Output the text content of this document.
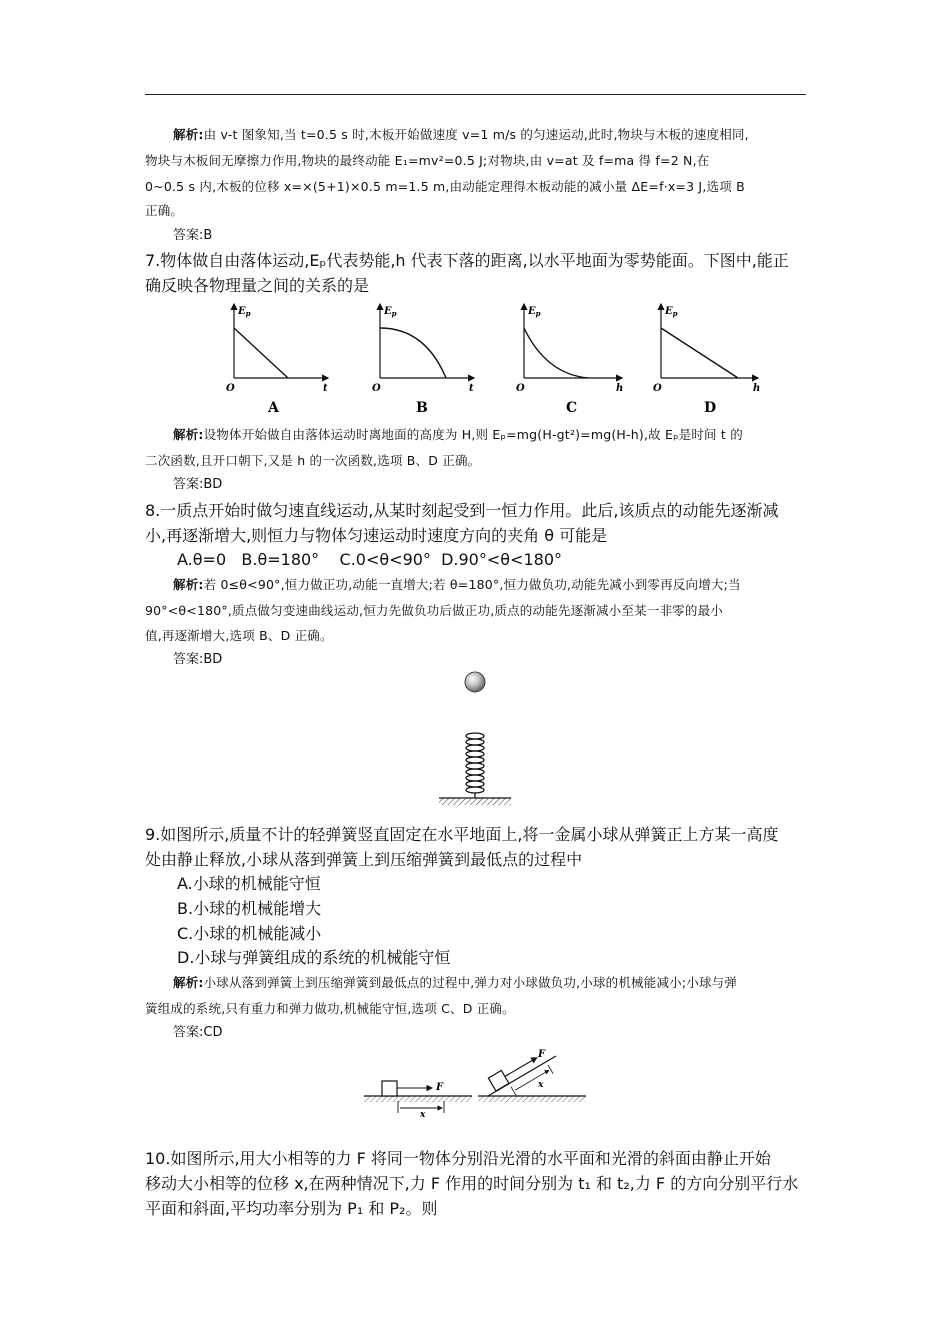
解析:由 v-t 图象知,当 t=0.5 s 时,木板开始做速度 v=1 m/s 的匀速运动,此时,物块与木板的速度相同,
物块与木板间无摩擦力作用,物块的最终动能 E₁=mv²=0.5 J;对物块,由 v=at 及 f=ma 得 f=2 N,在
0~0.5 s 内,木板的位移 x=×(5+1)×0.5 m=1.5 m,由动能定理得木板动能的减小量 ΔE=f·x=3 J,选项 B
正确。
答案:B
7.物体做自由落体运动,Eₚ代表势能,h 代表下落的距离,以水平地面为零势能面。下图中,能正
确反映各物理量之间的关系的是
$E_p$
O	t
A
$E_p$
O	t
B
$E_p$
O	h
C
$E_p$
O	h
D
解析:设物体开始做自由落体运动时离地面的高度为 H,则 Eₚ=mg(H-gt²)=mg(H-h),故 Eₚ是时间 t 的
二次函数,且开口朝下,又是 h 的一次函数,选项 B、D 正确。
答案:BD
8.一质点开始时做匀速直线运动,从某时刻起受到一恒力作用。此后,该质点的动能先逐渐减
小,再逐渐增大,则恒力与物体匀速运动时速度方向的夹角 θ 可能是
A.θ=0   B.θ=180°    C.0<θ<90°  D.90°<θ<180°
解析:若 0≤θ<90°,恒力做正功,动能一直增大;若 θ=180°,恒力做负功,动能先减小到零再反向增大;当
90°<θ<180°,质点做匀变速曲线运动,恒力先做负功后做正功,质点的动能先逐渐减小至某一非零的最小
值,再逐渐增大,选项 B、D 正确。
答案:BD
9.如图所示,质量不计的轻弹簧竖直固定在水平地面上,将一金属小球从弹簧正上方某一高度
处由静止释放,小球从落到弹簧上到压缩弹簧到最低点的过程中
A.小球的机械能守恒
B.小球的机械能增大
C.小球的机械能减小
D.小球与弹簧组成的系统的机械能守恒
解析:小球从落到弹簧上到压缩弹簧到最低点的过程中,弹力对小球做负功,小球的机械能减小;小球与弹
簧组成的系统,只有重力和弹力做功,机械能守恒,选项 C、D 正确。
答案:CD
F
x
F
x
10.如图所示,用大小相等的力 F 将同一物体分别沿光滑的水平面和光滑的斜面由静止开始
移动大小相等的位移 x,在两种情况下,力 F 作用的时间分别为 t₁ 和 t₂,力 F 的方向分别平行水
平面和斜面,平均功率分别为 P₁ 和 P₂。则
